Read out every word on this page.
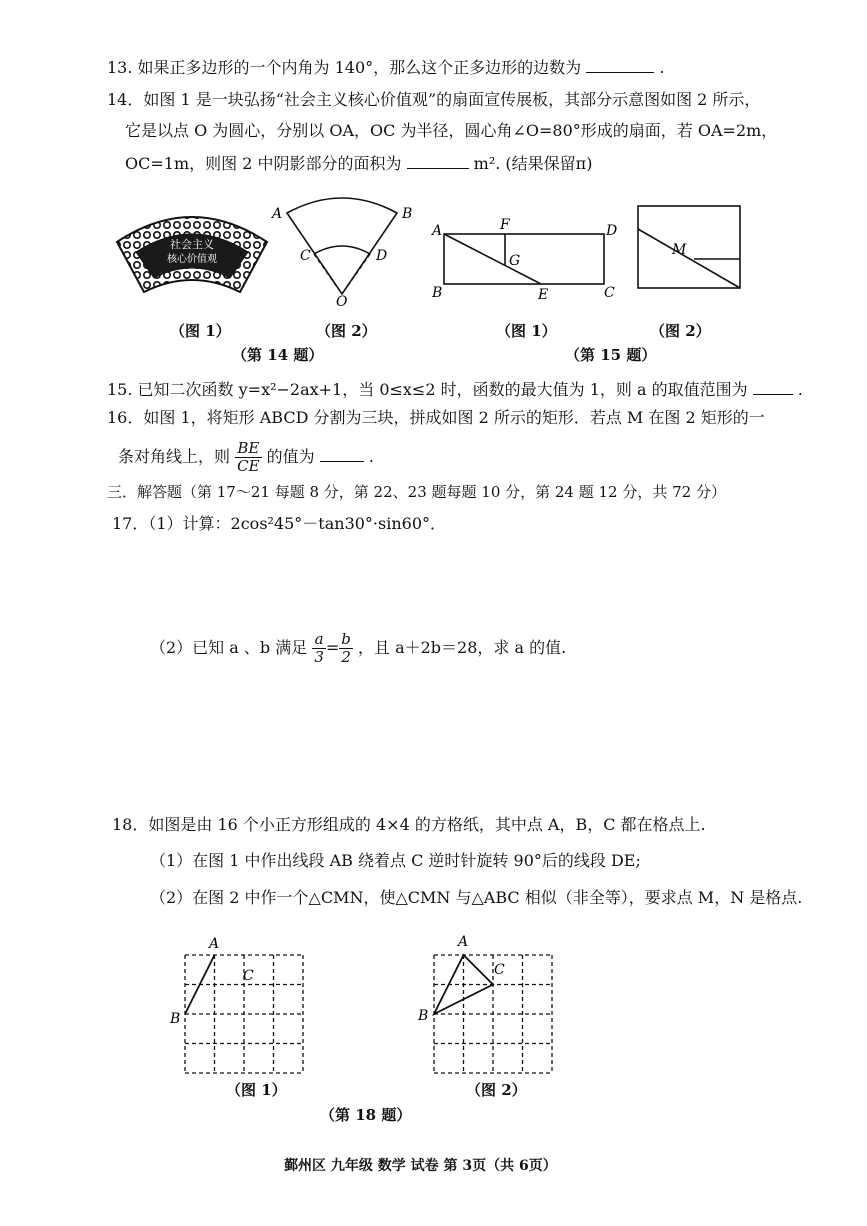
13. 如果正多边形的一个内角为 140°，那么这个正多边形的边数为	.
14．如图 1 是一块弘扬“社会主义核心价值观”的扇面宣传展板，其部分示意图如图 2 所示，
它是以点 O 为圆心，分别以 OA，OC 为半径，圆心角∠O=80°形成的扇面，若 OA=2m，
OC=1m，则图 2 中阴影部分的面积为	m². (结果保留π)
社会主义
核心价值观
A	B
C	D
O
A	F	D
G
B	E	C
M
（图 1）	（图 2）
（第 14 题）
（图 1）	（图 2）
（第 15 题）
15. 已知二次函数 y=x²−2ax+1，当 0≤x≤2 时，函数的最大值为 1，则 a 的取值范围为	.
16．如图 1，将矩形 ABCD 分割为三块，拼成如图 2 所示的矩形．若点 M 在图 2 矩形的一
条对角线上，则 $\frac{BE}{CE}$ 的值为	.
三．解答题（第 17～21 每题 8 分，第 22、23 题每题 10 分，第 24 题 12 分，共 72 分）
17．（1）计算：2cos²45°－tan30°·sin60°．
（2）已知 a 、b 满足 $\frac{a}{3} = \frac{b}{2}$ ，且 a＋2b＝28，求 a 的值.
18．如图是由 16 个小正方形组成的 4×4 的方格纸，其中点 A，B，C 都在格点上.
（1）在图 1 中作出线段 AB 绕着点 C 逆时针旋转 90°后的线段 DE;
（2）在图 2 中作一个△CMN，使△CMN 与△ABC 相似（非全等），要求点 M，N 是格点.
A
B
C
A
B
C
（图 1）	（图 2）
（第 18 题）
鄞州区 九年级 数学 试卷 第 3页（共 6页）
